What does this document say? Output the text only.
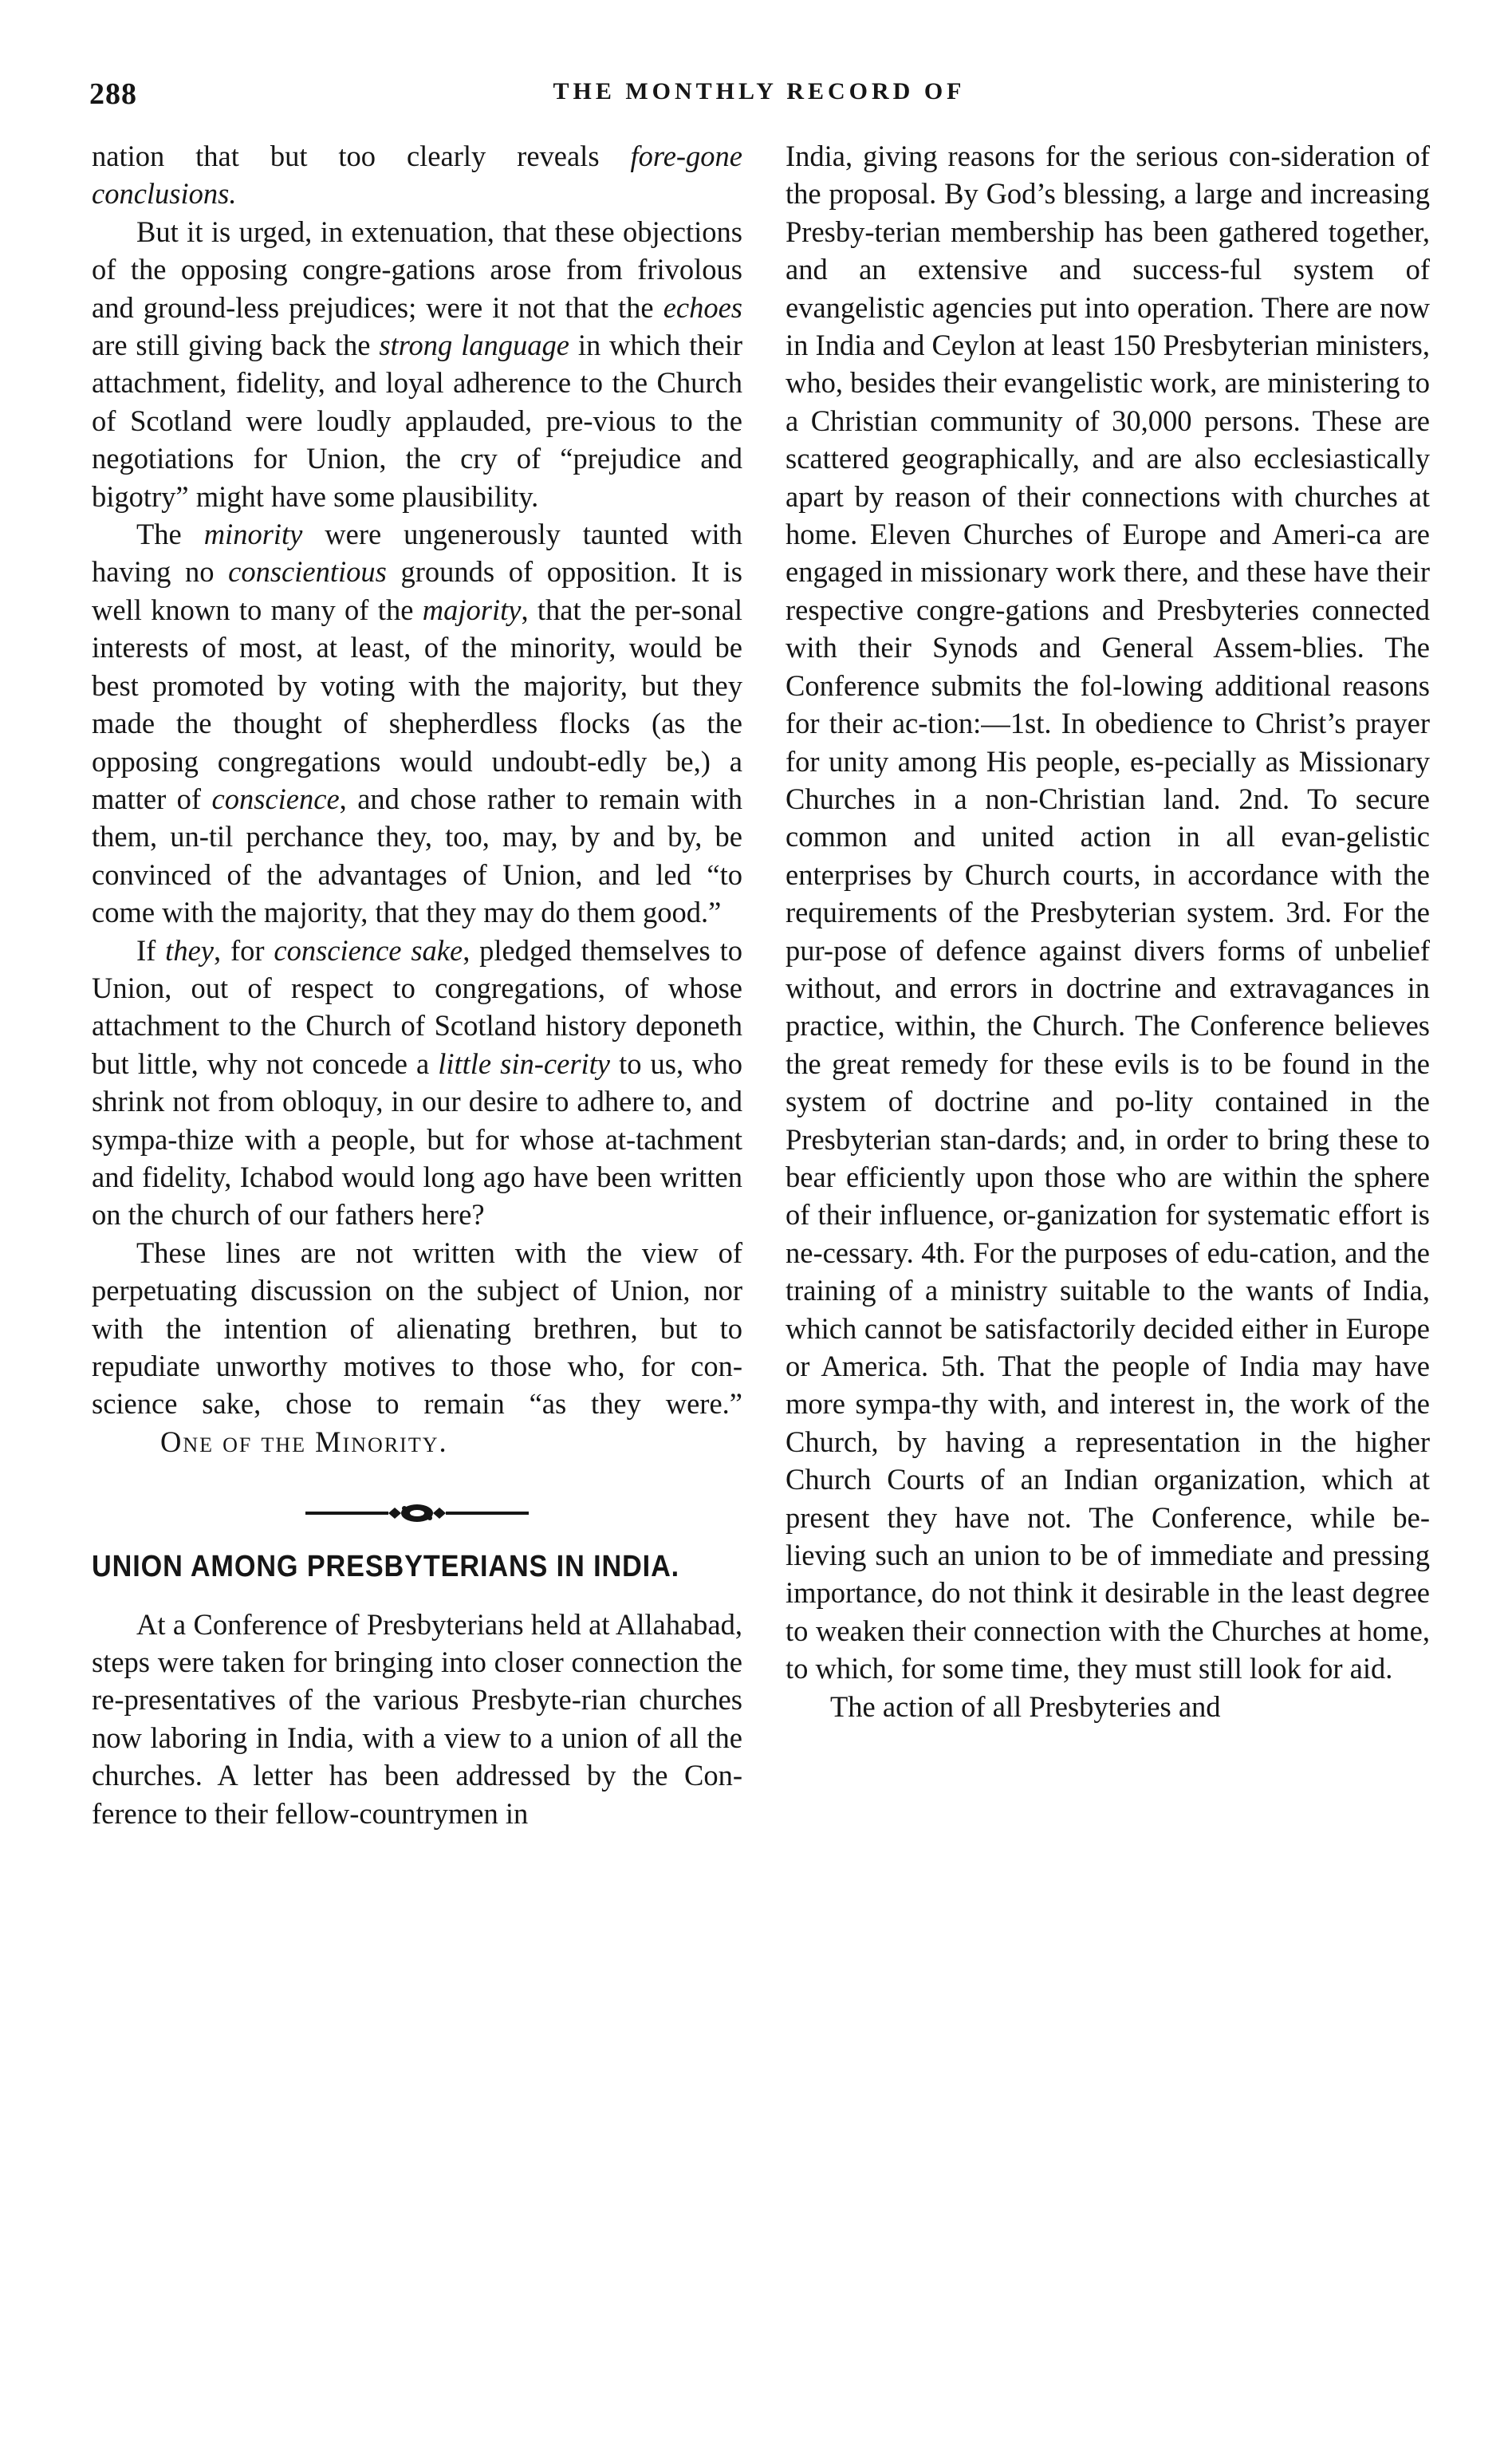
288	THE MONTHLY RECORD OF

nation that but too clearly reveals fore-gone conclusions.

But it is urged, in extenuation, that these objections of the opposing congre-gations arose from frivolous and ground-less prejudices; were it not that the echoes are still giving back the strong language in which their attachment, fidelity, and loyal adherence to the Church of Scotland were loudly applauded, pre-vious to the negotiations for Union, the cry of “prejudice and bigotry” might have some plausibility.

The minority were ungenerously taunted with having no conscientious grounds of opposition. It is well known to many of the majority, that the per-sonal interests of most, at least, of the minority, would be best promoted by voting with the majority, but they made the thought of shepherdless flocks (as the opposing congregations would undoubt-edly be,) a matter of conscience, and chose rather to remain with them, un-til perchance they, too, may, by and by, be convinced of the advantages of Union, and led “to come with the majority, that they may do them good.”

If they, for conscience sake, pledged themselves to Union, out of respect to congregations, of whose attachment to the Church of Scotland history deponeth but little, why not concede a little sin-cerity to us, who shrink not from obloquy, in our desire to adhere to, and sympa-thize with a people, but for whose at-tachment and fidelity, Ichabod would long ago have been written on the church of our fathers here?

These lines are not written with the view of perpetuating discussion on the subject of Union, nor with the intention of alienating brethren, but to repudiate unworthy motives to those who, for con-science sake, chose to remain “as they were.”One of the Minority.

UNION AMONG PRESBYTERIANS IN INDIA.

At a Conference of Presbyterians held at Allahabad, steps were taken for bringing into closer connection the re-presentatives of the various Presbyte-rian churches now laboring in India, with a view to a union of all the churches. A letter has been addressed by the Con-ference to their fellow-countrymen in

India, giving reasons for the serious con-sideration of the proposal. By God’s blessing, a large and increasing Presby-terian membership has been gathered together, and an extensive and success-ful system of evangelistic agencies put into operation. There are now in India and Ceylon at least 150 Presbyterian ministers, who, besides their evangelistic work, are ministering to a Christian community of 30,000 persons. These are scattered geographically, and are also ecclesiastically apart by reason of their connections with churches at home. Eleven Churches of Europe and Ameri-ca are engaged in missionary work there, and these have their respective congre-gations and Presbyteries connected with their Synods and General Assem-blies. The Conference submits the fol-lowing additional reasons for their ac-tion:—1st. In obedience to Christ’s prayer for unity among His people, es-pecially as Missionary Churches in a non-Christian land. 2nd. To secure common and united action in all evan-gelistic enterprises by Church courts, in accordance with the requirements of the Presbyterian system. 3rd. For the pur-pose of defence against divers forms of unbelief without, and errors in doctrine and extravagances in practice, within, the Church. The Conference believes the great remedy for these evils is to be found in the system of doctrine and po-lity contained in the Presbyterian stan-dards; and, in order to bring these to bear efficiently upon those who are within the sphere of their influence, or-ganization for systematic effort is ne-cessary. 4th. For the purposes of edu-cation, and the training of a ministry suitable to the wants of India, which cannot be satisfactorily decided either in Europe or America. 5th. That the people of India may have more sympa-thy with, and interest in, the work of the Church, by having a representation in the higher Church Courts of an Indian organization, which at present they have not. The Conference, while be-lieving such an union to be of immediate and pressing importance, do not think it desirable in the least degree to weaken their connection with the Churches at home, to which, for some time, they must still look for aid.

The action of all Presbyteries and
